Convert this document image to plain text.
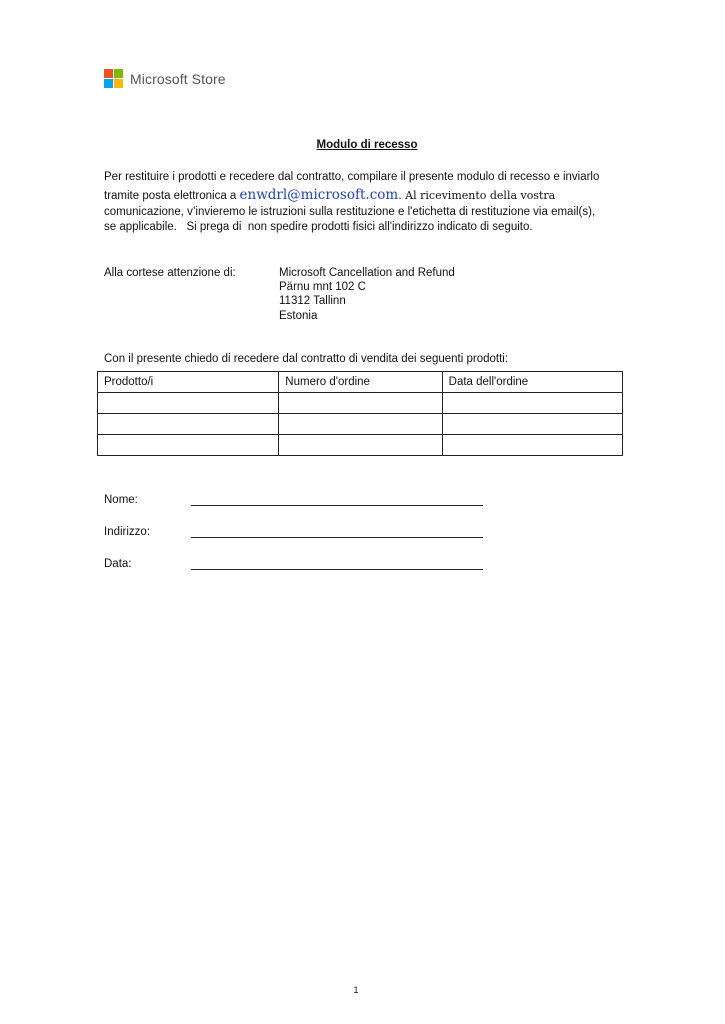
Microsoft Store
Modulo di recesso
Per restituire i prodotti e recedere dal contratto, compilare il presente modulo di recesso e inviarlo
tramite posta elettronica a enwdrl@microsoft.com. Al ricevimento della vostra
comunicazione, v’invieremo le istruzioni sulla restituzione e l'etichetta di restituzione via email(s),
se applicabile.   Si prega di  non spedire prodotti fisici all'indirizzo indicato di seguito.
Alla cortese attenzione di:	Microsoft Cancellation and Refund
Pärnu mnt 102 C
11312 Tallinn
Estonia
Con il presente chiedo di recedere dal contratto di vendita dei seguenti prodotti:
Prodotto/i	Numero d'ordine	Data dell'ordine

Nome:
Indirizzo:
Data:
1
